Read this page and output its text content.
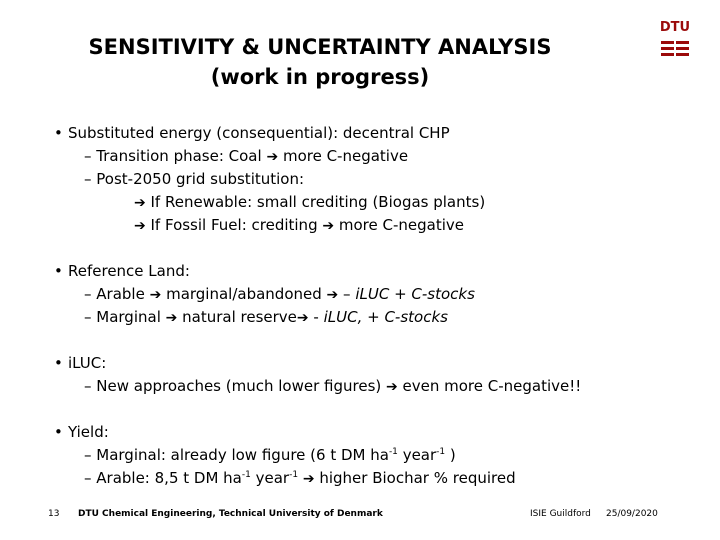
SENSITIVITY & UNCERTAINTY ANALYSIS
(work in progress)
DTU
• Substituted energy (consequential): decentral CHP
– Transition phase: Coal ➔ more C-negative
– Post-2050 grid substitution:
➔ If Renewable: small crediting (Biogas plants)
➔ If Fossil Fuel: crediting ➔ more C-negative
• Reference Land:
– Arable ➔ marginal/abandoned ➔ – iLUC + C-stocks
– Marginal ➔ natural reserve➔ - iLUC, + C-stocks
• iLUC:
– New approaches (much lower figures) ➔ even more C-negative!!
• Yield:
– Marginal: already low figure (6 t DM $ha^{-1}$ year$^{-1}$ )
– Arable: 8,5 t DM $ha^{-1}$ year$^{-1}$ ➔ higher Biochar % required
13 DTU Chemical Engineering, Technical University of Denmark	ISIE Guildford 25/09/2020
